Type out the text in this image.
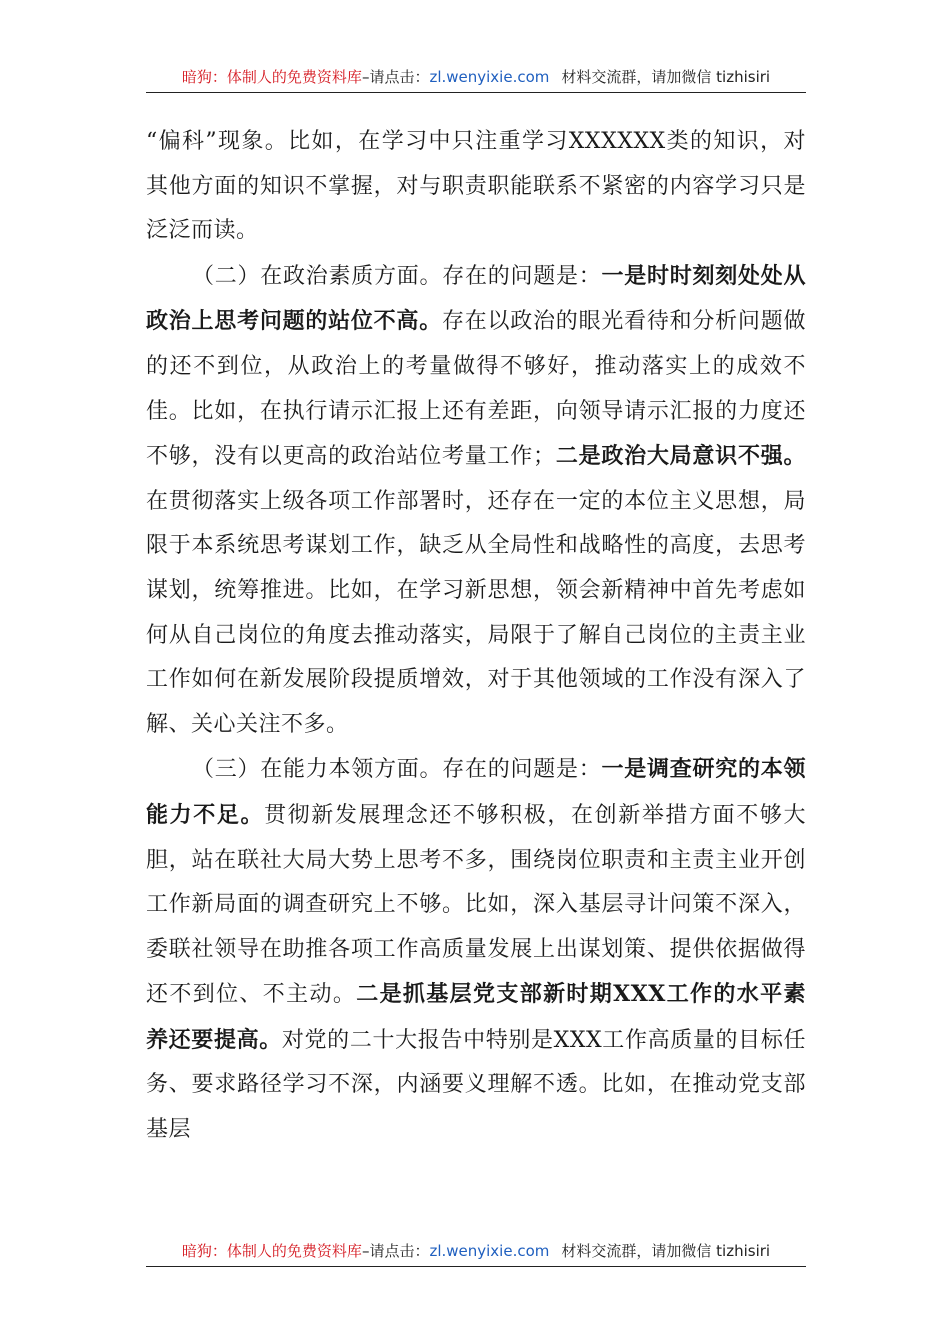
暗狗：体制人的免费资料库–请点击：zl.wenyixie.com 材料交流群，请加微信 tizhisiri

“偏科”现象。比如，在学习中只注重学习XXXXXX类的知识，对其他方面的知识不掌握，对与职责职能联系不紧密的内容学习只是泛泛而读。

（二）在政治素质方面。存在的问题是：一是时时刻刻处处从政治上思考问题的站位不高。存在以政治的眼光看待和分析问题做的还不到位，从政治上的考量做得不够好，推动落实上的成效不佳。比如，在执行请示汇报上还有差距，向领导请示汇报的力度还不够，没有以更高的政治站位考量工作；二是政治大局意识不强。在贯彻落实上级各项工作部署时，还存在一定的本位主义思想，局限于本系统思考谋划工作，缺乏从全局性和战略性的高度，去思考谋划，统筹推进。比如，在学习新思想，领会新精神中首先考虑如何从自己岗位的角度去推动落实，局限于了解自己岗位的主责主业工作如何在新发展阶段提质增效，对于其他领域的工作没有深入了解、关心关注不多。

（三）在能力本领方面。存在的问题是：一是调查研究的本领能力不足。贯彻新发展理念还不够积极，在创新举措方面不够大胆，站在联社大局大势上思考不多，围绕岗位职责和主责主业开创工作新局面的调查研究上不够。比如，深入基层寻计问策不深入，委联社领导在助推各项工作高质量发展上出谋划策、提供依据做得还不到位、不主动。二是抓基层党支部新时期XXX工作的水平素养还要提高。对党的二十大报告中特别是XXX工作高质量的目标任务、要求路径学习不深，内涵要义理解不透。比如，在推动党支部基层

暗狗：体制人的免费资料库–请点击：zl.wenyixie.com 材料交流群，请加微信 tizhisiri
